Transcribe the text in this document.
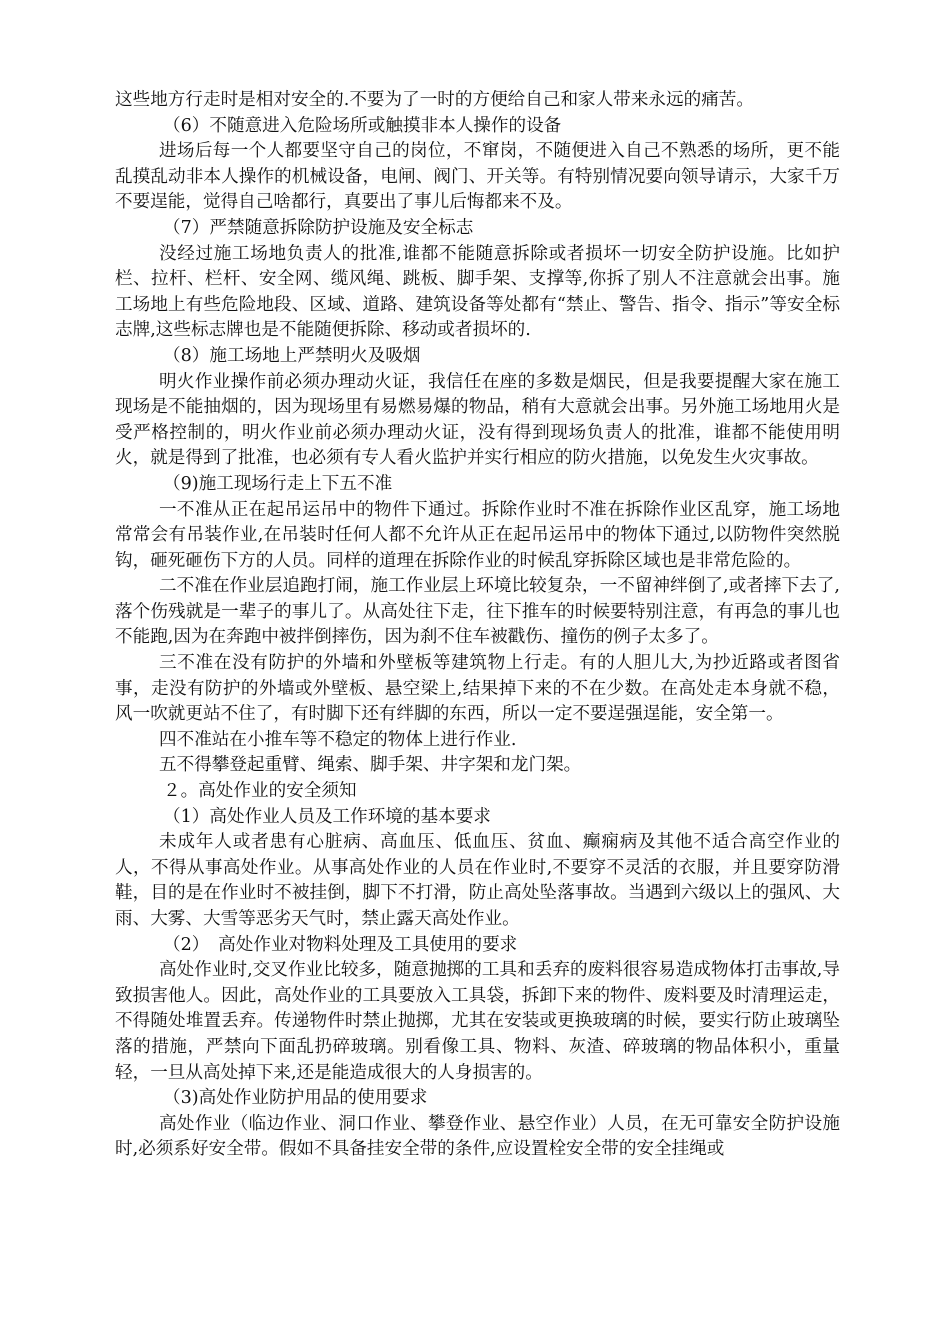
这些地方行走时是相对安全的.不要为了一时的方便给自己和家人带来永远的痛苦。

（6）不随意进入危险场所或触摸非本人操作的设备

进场后每一个人都要坚守自己的岗位，不窜岗，不随便进入自己不熟悉的场所，更不能乱摸乱动非本人操作的机械设备，电闸、阀门、开关等。有特别情况要向领导请示，大家千万不要逞能，觉得自己啥都行，真要出了事儿后悔都来不及。

（7）严禁随意拆除防护设施及安全标志

没经过施工场地负责人的批准,谁都不能随意拆除或者损坏一切安全防护设施。比如护栏、拉杆、栏杆、安全网、缆风绳、跳板、脚手架、支撑等,你拆了别人不注意就会出事。施工场地上有些危险地段、区域、道路、建筑设备等处都有“禁止、警告、指令、指示”等安全标志牌,这些标志牌也是不能随便拆除、移动或者损坏的.

（8）施工场地上严禁明火及吸烟

明火作业操作前必须办理动火证，我信任在座的多数是烟民，但是我要提醒大家在施工现场是不能抽烟的，因为现场里有易燃易爆的物品，稍有大意就会出事。另外施工场地用火是受严格控制的，明火作业前必须办理动火证，没有得到现场负责人的批准，谁都不能使用明火，就是得到了批准，也必须有专人看火监护并实行相应的防火措施，以免发生火灾事故。

（9)施工现场行走上下五不准

一不准从正在起吊运吊中的物件下通过。拆除作业时不准在拆除作业区乱穿，施工场地常常会有吊装作业,在吊装时任何人都不允许从正在起吊运吊中的物体下通过,以防物件突然脱钩，砸死砸伤下方的人员。同样的道理在拆除作业的时候乱穿拆除区域也是非常危险的。

二不准在作业层追跑打闹，施工作业层上环境比较复杂，一不留神绊倒了,或者摔下去了,落个伤残就是一辈子的事儿了。从高处往下走，往下推车的时候要特别注意，有再急的事儿也不能跑,因为在奔跑中被拌倒摔伤，因为刹不住车被戳伤、撞伤的例子太多了。

三不准在没有防护的外墙和外壁板等建筑物上行走。有的人胆儿大,为抄近路或者图省事，走没有防护的外墙或外壁板、悬空梁上,结果掉下来的不在少数。在高处走本身就不稳，风一吹就更站不住了，有时脚下还有绊脚的东西，所以一定不要逞强逞能，安全第一。

四不准站在小推车等不稳定的物体上进行作业.

五不得攀登起重臂、绳索、脚手架、井字架和龙门架。

２。高处作业的安全须知

（1）高处作业人员及工作环境的基本要求

未成年人或者患有心脏病、高血压、低血压、贫血、癫痫病及其他不适合高空作业的人，不得从事高处作业。从事高处作业的人员在作业时,不要穿不灵活的衣服，并且要穿防滑鞋，目的是在作业时不被挂倒，脚下不打滑，防止高处坠落事故。当遇到六级以上的强风、大雨、大雾、大雪等恶劣天气时，禁止露天高处作业。

（2）　高处作业对物料处理及工具使用的要求

高处作业时,交叉作业比较多，随意抛掷的工具和丢弃的废料很容易造成物体打击事故,导致损害他人。因此，高处作业的工具要放入工具袋，拆卸下来的物件、废料要及时清理运走，不得随处堆置丢弃。传递物件时禁止抛掷，尤其在安装或更换玻璃的时候，要实行防止玻璃坠落的措施，严禁向下面乱扔碎玻璃。别看像工具、物料、灰渣、碎玻璃的物品体积小，重量轻，一旦从高处掉下来,还是能造成很大的人身损害的。

（3)高处作业防护用品的使用要求

高处作业（临边作业、洞口作业、攀登作业、悬空作业）人员，在无可靠安全防护设施时,必须系好安全带。假如不具备挂安全带的条件,应设置栓安全带的安全挂绳或
